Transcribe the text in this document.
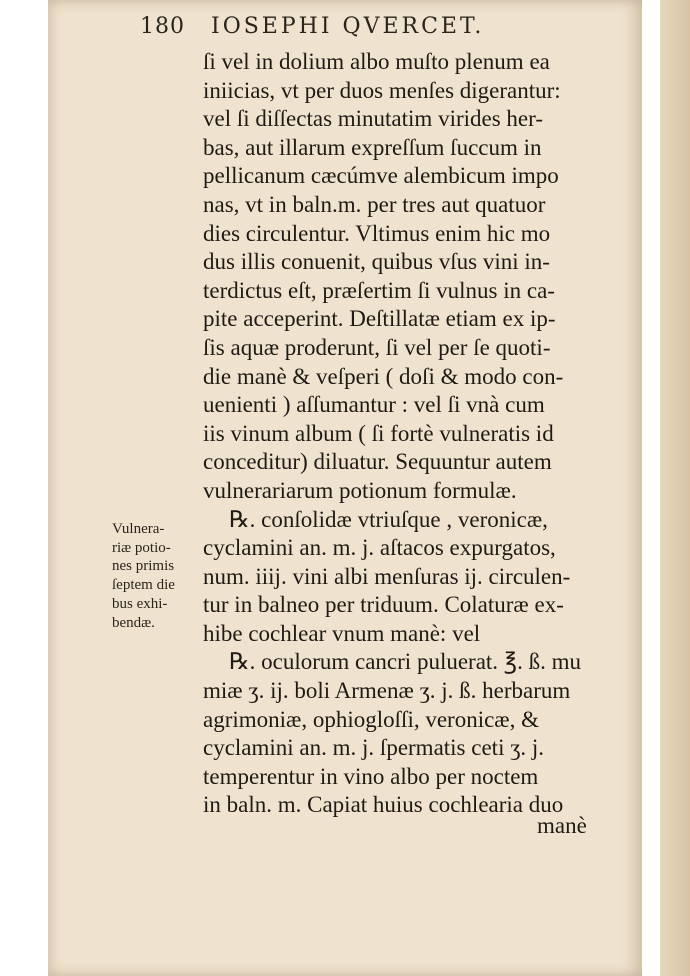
180 IOSEPHI QVERCET.
ſi vel in dolium albo muſto plenum ea
iniicias, vt per duos menſes digerantur:
vel ſi diſſectas minutatim virides her-
bas, aut illarum expreſſum ſuccum in
pellicanum cæcúmve alembicum impo
nas, vt in baln.m. per tres aut quatuor
dies circulentur. Vltimus enim hic mo
dus illis conuenit, quibus vſus vini in-
terdictus eſt, præſertim ſi vulnus in ca-
pite acceperint. Deſtillatæ etiam ex ip-
ſis aquæ proderunt, ſi vel per ſe quoti-
die manè & veſperi ( doſi & modo con-
uenienti ) aſſumantur : vel ſi vnà cum
iis vinum album ( ſi fortè vulneratis id
conceditur) diluatur. Sequuntur autem
vulnerariarum potionum formulæ.
℞. conſolidæ vtriuſque , veronicæ,
cyclamini an. m. j. aſtacos expurgatos,
num. iiij. vini albi menſuras ij. circulen-
tur in balneo per triduum. Colaturæ ex-
hibe cochlear vnum manè: vel
℞. oculorum cancri puluerat. ℥. ß. mu
miæ ʒ. ij. boli Armenæ ʒ. j. ß. herbarum
agrimoniæ, ophiogloſſi, veronicæ, &
cyclamini an. m. j. ſpermatis ceti ʒ. j.
temperentur in vino albo per noctem
in baln. m. Capiat huius cochlearia duo
manè
Vulnera-
riæ potio-
nes primis
ſeptem die
bus exhi-
bendæ.
